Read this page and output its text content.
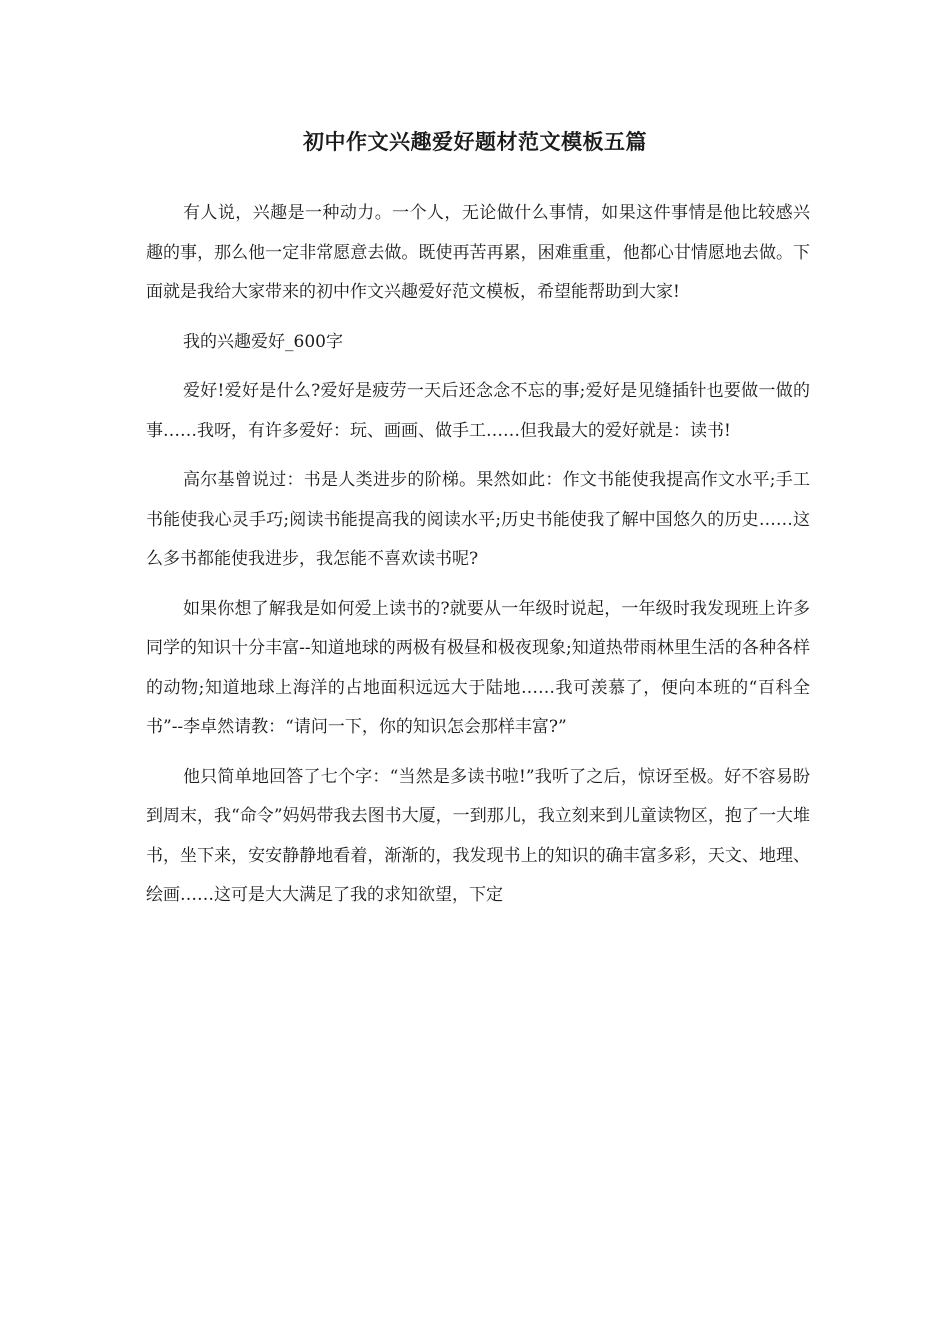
初中作文兴趣爱好题材范文模板五篇

有人说，兴趣是一种动力。一个人，无论做什么事情，如果这件事情是他比较感兴趣的事，那么他一定非常愿意去做。既使再苦再累，困难重重，他都心甘情愿地去做。下面就是我给大家带来的初中作文兴趣爱好范文模板，希望能帮助到大家!

我的兴趣爱好_600字

爱好!爱好是什么?爱好是疲劳一天后还念念不忘的事;爱好是见缝插针也要做一做的事……我呀，有许多爱好：玩、画画、做手工……但我最大的爱好就是：读书!

高尔基曾说过：书是人类进步的阶梯。果然如此：作文书能使我提高作文水平;手工书能使我心灵手巧;阅读书能提高我的阅读水平;历史书能使我了解中国悠久的历史……这么多书都能使我进步，我怎能不喜欢读书呢?

如果你想了解我是如何爱上读书的?就要从一年级时说起，一年级时我发现班上许多同学的知识十分丰富--知道地球的两极有极昼和极夜现象;知道热带雨林里生活的各种各样的动物;知道地球上海洋的占地面积远远大于陆地……我可羡慕了，便向本班的“百科全书”--李卓然请教：“请问一下，你的知识怎会那样丰富?”

他只简单地回答了七个字：“当然是多读书啦!”我听了之后，惊讶至极。好不容易盼到周末，我“命令”妈妈带我去图书大厦，一到那儿，我立刻来到儿童读物区，抱了一大堆书，坐下来，安安静静地看着，渐渐的，我发现书上的知识的确丰富多彩，天文、地理、绘画……这可是大大满足了我的求知欲望，下定
